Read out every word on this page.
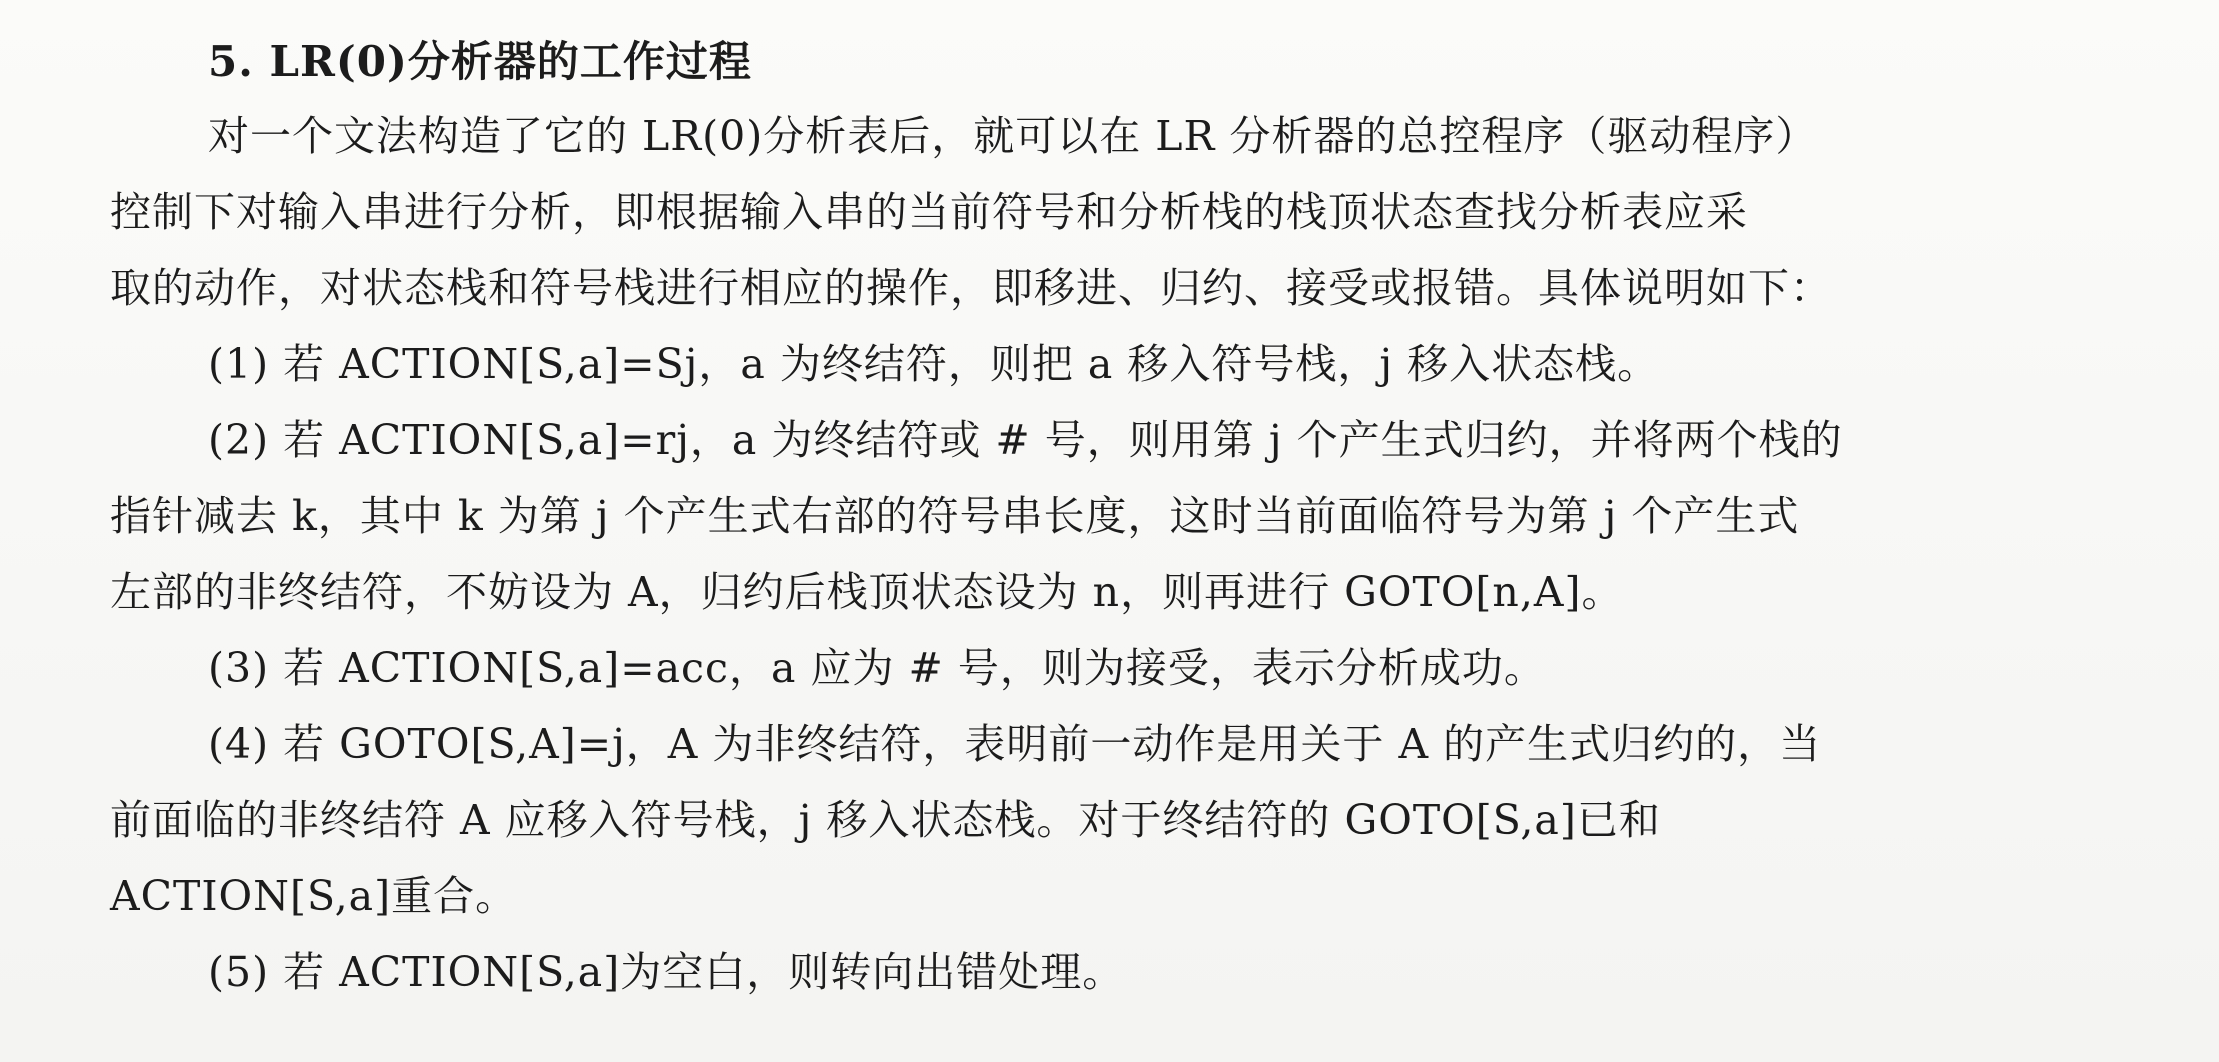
5. LR(0)分析器的工作过程
对一个文法构造了它的 LR(0)分析表后，就可以在 LR 分析器的总控程序（驱动程序）
控制下对输入串进行分析，即根据输入串的当前符号和分析栈的栈顶状态查找分析表应采
取的动作，对状态栈和符号栈进行相应的操作，即移进、归约、接受或报错。具体说明如下：
(1) 若 ACTION[S,a]=Sj，a 为终结符，则把 a 移入符号栈，j 移入状态栈。
(2) 若 ACTION[S,a]=rj，a 为终结符或 # 号，则用第 j 个产生式归约，并将两个栈的
指针减去 k，其中 k 为第 j 个产生式右部的符号串长度，这时当前面临符号为第 j 个产生式
左部的非终结符，不妨设为 A，归约后栈顶状态设为 n，则再进行 GOTO[n,A]。
(3) 若 ACTION[S,a]=acc，a 应为 # 号，则为接受，表示分析成功。
(4) 若 GOTO[S,A]=j，A 为非终结符，表明前一动作是用关于 A 的产生式归约的，当
前面临的非终结符 A 应移入符号栈，j 移入状态栈。对于终结符的 GOTO[S,a]已和
ACTION[S,a]重合。
(5) 若 ACTION[S,a]为空白，则转向出错处理。
